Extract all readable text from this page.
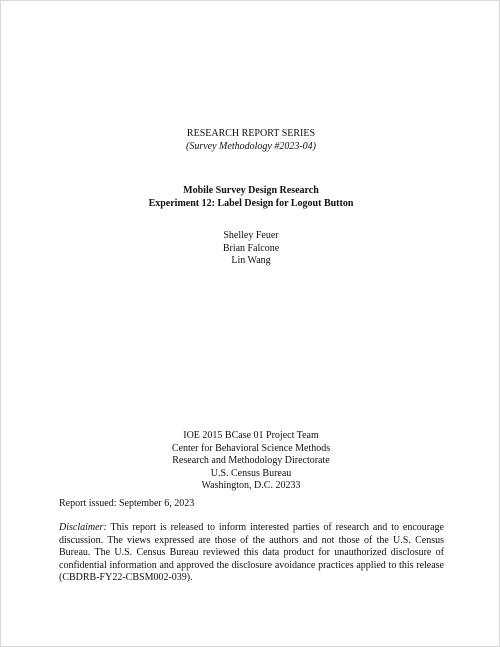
RESEARCH REPORT SERIES
(Survey Methodology #2023-04)
Mobile Survey Design Research
Experiment 12: Label Design for Logout Button
Shelley Feuer
Brian Falcone
Lin Wang
IOE 2015 BCase 01 Project Team
Center for Behavioral Science Methods
Research and Methodology Directorate
U.S. Census Bureau
Washington, D.C. 20233
Report issued: September 6, 2023
Disclaimer: This report is released to inform interested parties of research and to encourage discussion. The views expressed are those of the authors and not those of the U.S. Census Bureau. The U.S. Census Bureau reviewed this data product for unauthorized disclosure of confidential information and approved the disclosure avoidance practices applied to this release (CBDRB-FY22-CBSM002-039).
